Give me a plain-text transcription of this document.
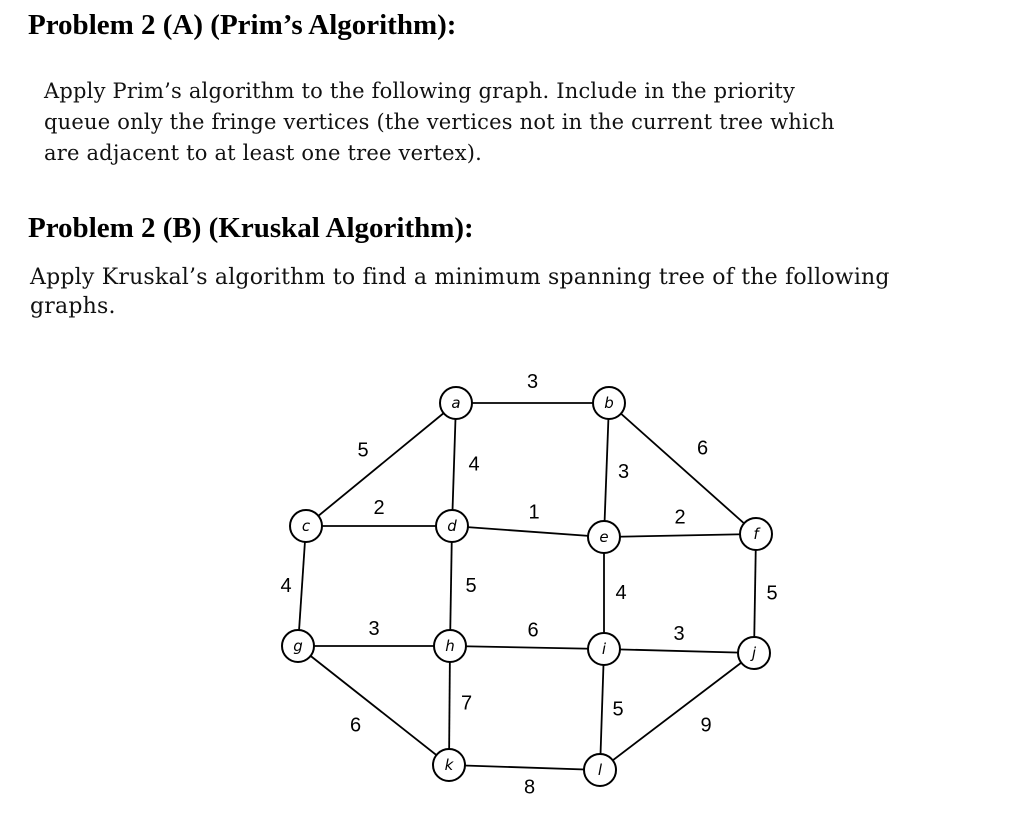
Problem 2 (A) (Prim’s Algorithm):

Apply Prim’s algorithm to the following graph. Include in the priority
queue only the fringe vertices (the vertices not in the current tree which
are adjacent to at least one tree vertex).

Problem 2 (B) (Kruskal Algorithm):

Apply Kruskal’s algorithm to find a minimum spanning tree of the following
graphs.

3
5
4	3
6
2	1	2
4	5	4	5
3	6	3
6
7	5
9
8
a	b
c	d
e	f
g	h	i	j
k	l
